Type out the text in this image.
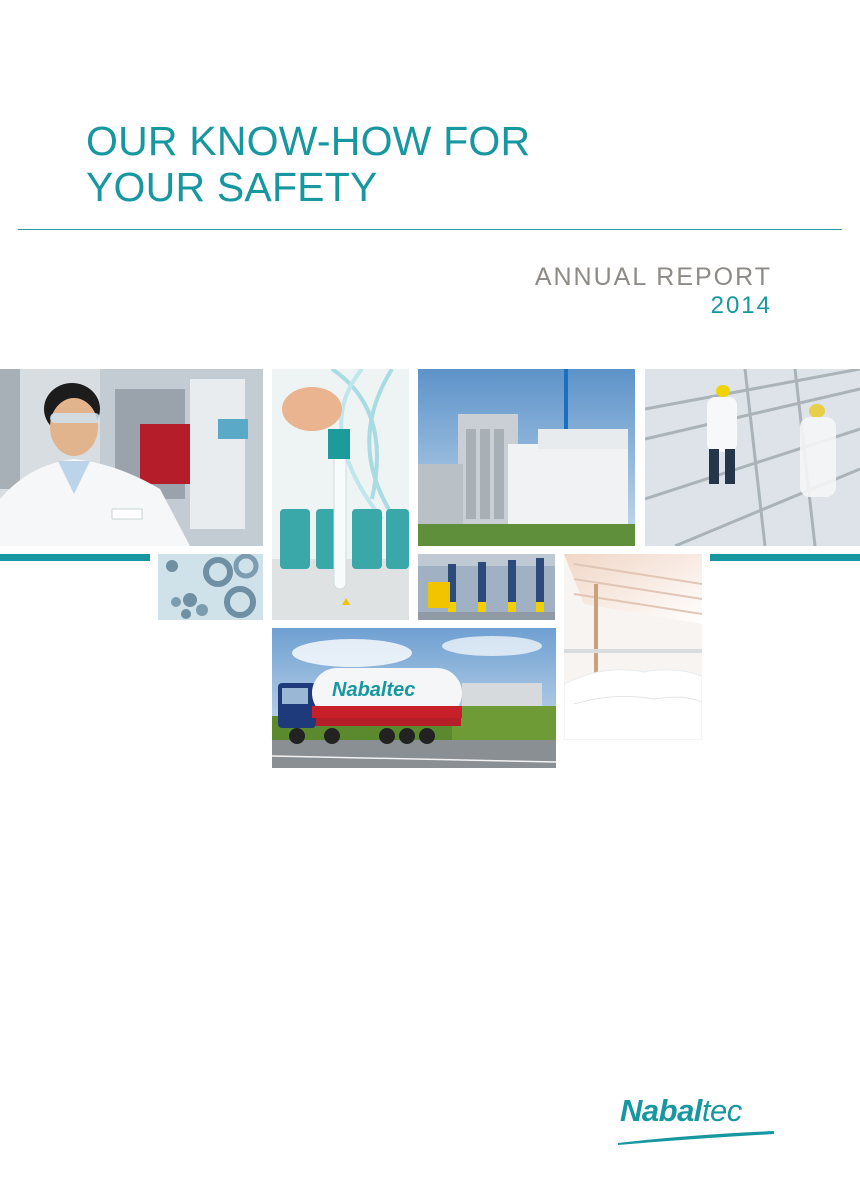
OUR KNOW-HOW FOR
YOUR SAFETY
ANNUAL REPORT
2014
Nabaltec
Nabaltec
